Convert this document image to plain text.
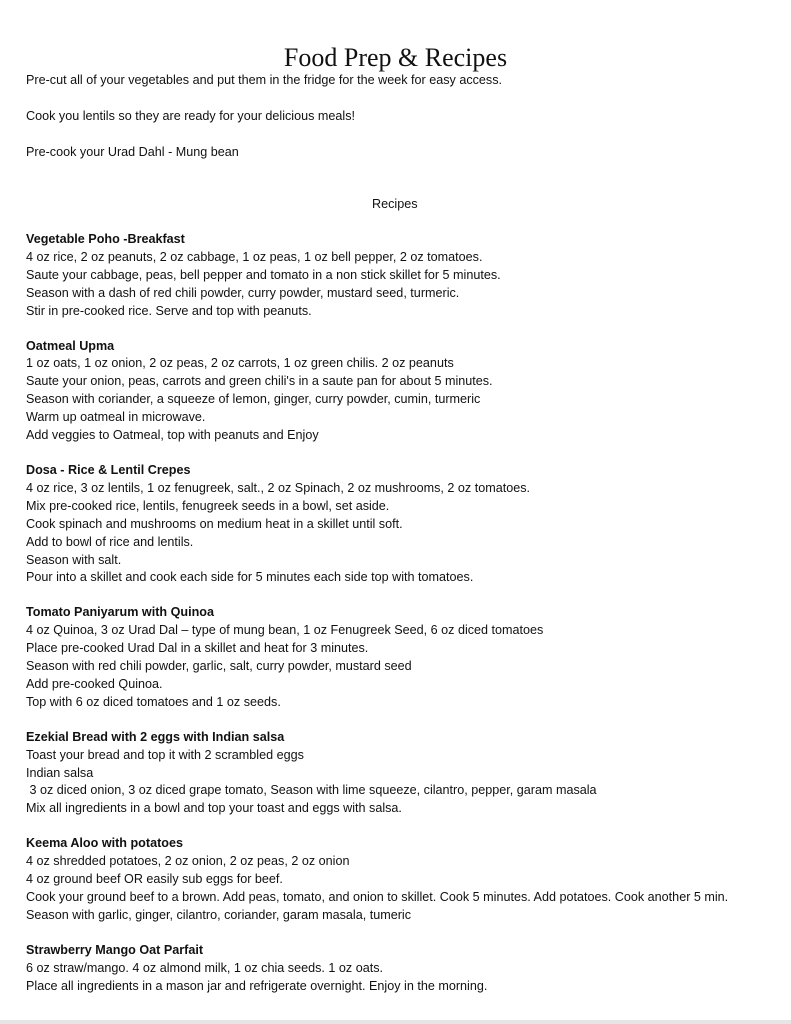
Food Prep & Recipes

Pre-cut all of your vegetables and put them in the fridge for the week for easy access.

Cook you lentils so they are ready for your delicious meals!

Pre-cook your Urad Dahl - Mung bean

Recipes
Vegetable Poho -Breakfast
4 oz rice, 2 oz peanuts, 2 oz cabbage, 1 oz peas, 1 oz bell pepper, 2 oz tomatoes.
Saute your cabbage, peas, bell pepper and tomato in a non stick skillet for 5 minutes.
Season with a dash of red chili powder, curry powder, mustard seed, turmeric.
Stir in pre-cooked rice. Serve and top with peanuts.
Oatmeal Upma
1 oz oats, 1 oz onion, 2 oz peas, 2 oz carrots, 1 oz green chilis. 2 oz peanuts
Saute your onion, peas, carrots and green chili's in a saute pan for about 5 minutes.
Season with coriander, a squeeze of lemon, ginger, curry powder, cumin, turmeric
Warm up oatmeal in microwave.
Add veggies to Oatmeal, top with peanuts and Enjoy
Dosa - Rice & Lentil Crepes
4 oz rice, 3 oz lentils, 1 oz fenugreek, salt., 2 oz Spinach, 2 oz mushrooms, 2 oz tomatoes.
Mix pre-cooked rice, lentils, fenugreek seeds in a bowl, set aside.
Cook spinach and mushrooms on medium heat in a skillet until soft.
Add to bowl of rice and lentils.
Season with salt.
Pour into a skillet and cook each side for 5 minutes each side top with tomatoes.
Tomato Paniyarum with Quinoa
4 oz Quinoa, 3 oz Urad Dal – type of mung bean, 1 oz Fenugreek Seed, 6 oz diced tomatoes
Place pre-cooked Urad Dal in a skillet and heat for 3 minutes.
Season with red chili powder, garlic, salt, curry powder, mustard seed
Add pre-cooked Quinoa.
Top with 6 oz diced tomatoes and 1 oz seeds.
Ezekial Bread with 2 eggs with Indian salsa
Toast your bread and top it with 2 scrambled eggs
Indian salsa
3 oz diced onion, 3 oz diced grape tomato, Season with lime squeeze, cilantro, pepper, garam masala
Mix all ingredients in a bowl and top your toast and eggs with salsa.
Keema Aloo with potatoes
4 oz shredded potatoes, 2 oz onion, 2 oz peas, 2 oz onion
4 oz ground beef OR easily sub eggs for beef.
Cook your ground beef to a brown. Add peas, tomato, and onion to skillet. Cook 5 minutes. Add potatoes. Cook another 5 min.
Season with garlic, ginger, cilantro, coriander, garam masala, tumeric
Strawberry Mango Oat Parfait
6 oz straw/mango. 4 oz almond milk, 1 oz chia seeds. 1 oz oats.
Place all ingredients in a mason jar and refrigerate overnight. Enjoy in the morning.
